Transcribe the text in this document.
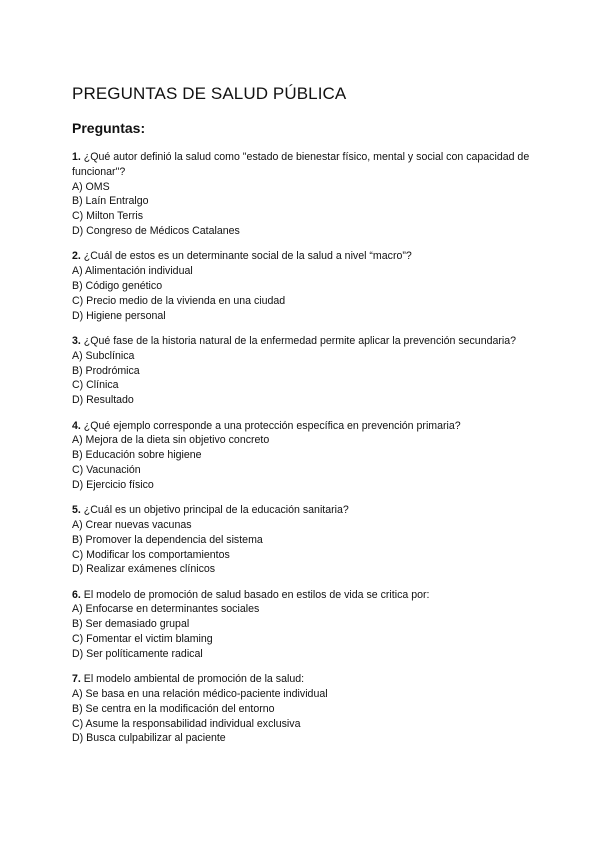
PREGUNTAS DE SALUD PÚBLICA
Preguntas:

1. ¿Qué autor definió la salud como "estado de bienestar físico, mental y social con capacidad de funcionar"?

A) OMS

B) Laín Entralgo

C) Milton Terris

D) Congreso de Médicos Catalanes

2. ¿Cuál de estos es un determinante social de la salud a nivel “macro”?

A) Alimentación individual

B) Código genético

C) Precio medio de la vivienda en una ciudad

D) Higiene personal

3. ¿Qué fase de la historia natural de la enfermedad permite aplicar la prevención secundaria?

A) Subclínica

B) Prodrómica

C) Clínica

D) Resultado

4. ¿Qué ejemplo corresponde a una protección específica en prevención primaria?

A) Mejora de la dieta sin objetivo concreto

B) Educación sobre higiene

C) Vacunación

D) Ejercicio físico

5. ¿Cuál es un objetivo principal de la educación sanitaria?

A) Crear nuevas vacunas

B) Promover la dependencia del sistema

C) Modificar los comportamientos

D) Realizar exámenes clínicos

6. El modelo de promoción de salud basado en estilos de vida se critica por:

A) Enfocarse en determinantes sociales

B) Ser demasiado grupal

C) Fomentar el victim blaming

D) Ser políticamente radical

7. El modelo ambiental de promoción de la salud:

A) Se basa en una relación médico-paciente individual

B) Se centra en la modificación del entorno

C) Asume la responsabilidad individual exclusiva

D) Busca culpabilizar al paciente
